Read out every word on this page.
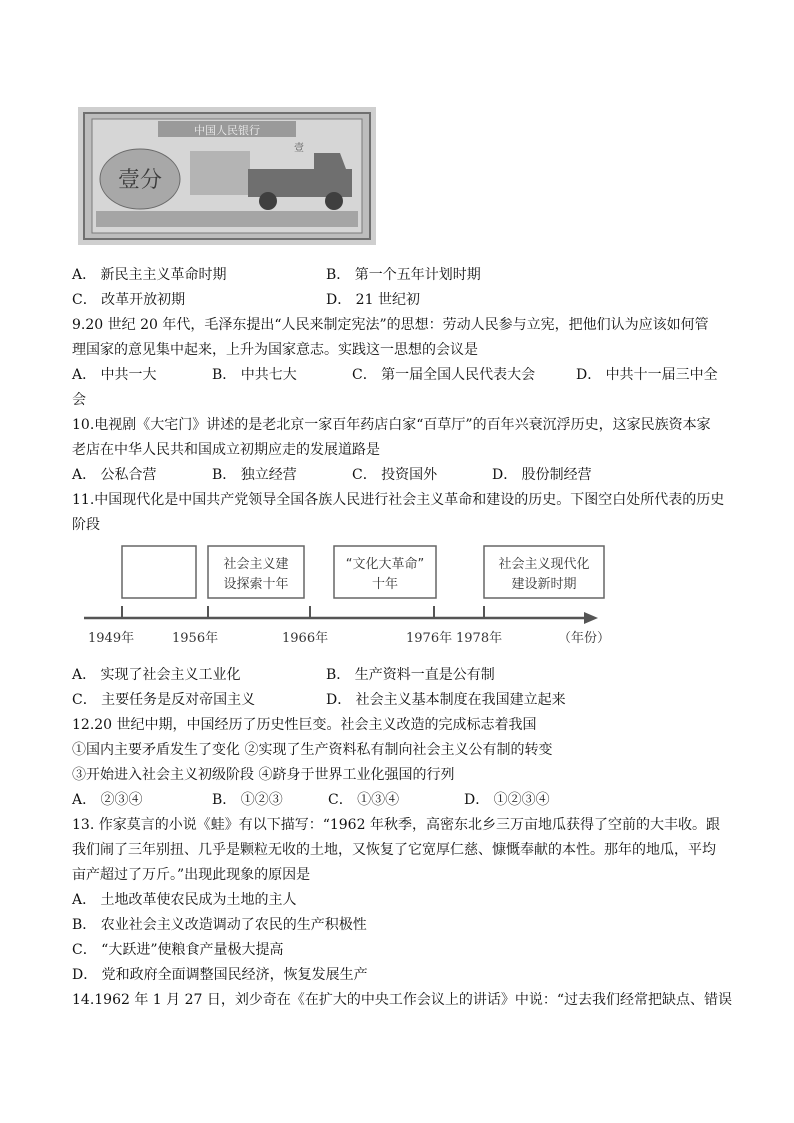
中国人民银行
壹分
壹
A． 新民主主义革命时期	B． 第一个五年计划时期
C． 改革开放初期	D． 21 世纪初
9.20 世纪 20 年代，毛泽东提出“人民来制定宪法”的思想：劳动人民参与立宪，把他们认为应该如何管
理国家的意见集中起来，上升为国家意志。实践这一思想的会议是
A． 中共一大	B． 中共七大	C． 第一届全国人民代表大会	D． 中共十一届三中全
会
10.电视剧《大宅门》讲述的是老北京一家百年药店白家“百草厅”的百年兴衰沉浮历史，这家民族资本家
老店在中华人民共和国成立初期应走的发展道路是
A． 公私合营	B． 独立经营	C． 投资国外	D． 股份制经营
11.中国现代化是中国共产党领导全国各族人民进行社会主义革命和建设的历史。下图空白处所代表的历史
阶段
社会主义建
设探索十年
“文化大革命”
十年
社会主义现代化
建设新时期
1949年	1956年	1966年	1976年 1978年	（年份）
A． 实现了社会主义工业化	B． 生产资料一直是公有制
C． 主要任务是反对帝国主义	D． 社会主义基本制度在我国建立起来
12.20 世纪中期，中国经历了历史性巨变。社会主义改造的完成标志着我国
①国内主要矛盾发生了变化 ②实现了生产资料私有制向社会主义公有制的转变
③开始进入社会主义初级阶段 ④跻身于世界工业化强国的行列
A． ②③④	B． ①②③	C． ①③④	D． ①②③④
13. 作家莫言的小说《蛙》有以下描写：“1962 年秋季，高密东北乡三万亩地瓜获得了空前的大丰收。跟
我们闹了三年别扭、几乎是颗粒无收的土地，又恢复了它宽厚仁慈、慷慨奉献的本性。那年的地瓜，平均
亩产超过了万斤。”出现此现象的原因是
A． 土地改革使农民成为土地的主人
B． 农业社会主义改造调动了农民的生产积极性
C． “大跃进”使粮食产量极大提高
D． 党和政府全面调整国民经济，恢复发展生产
14.1962 年 1 月 27 日，刘少奇在《在扩大的中央工作会议上的讲话》中说：“过去我们经常把缺点、错误
